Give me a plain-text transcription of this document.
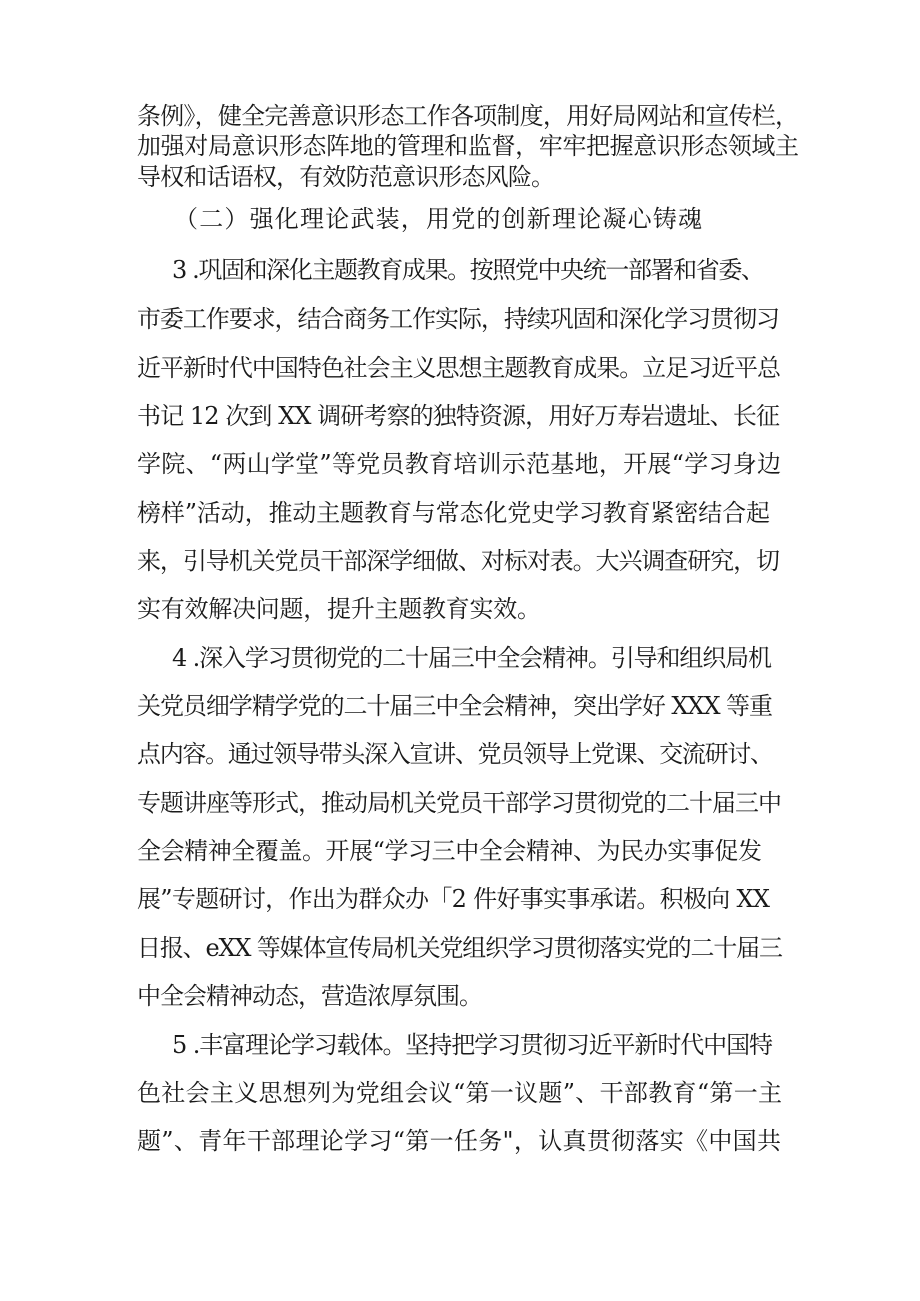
条例》，健全完善意识形态工作各项制度，用好局网站和宣传栏，
加强对局意识形态阵地的管理和监督，牢牢把握意识形态领域主
导权和话语权，有效防范意识形态风险。
（二）强化理论武装，用党的创新理论凝心铸魂
3 .巩固和深化主题教育成果。按照党中央统一部署和省委、
市委工作要求，结合商务工作实际，持续巩固和深化学习贯彻习
近平新时代中国特色社会主义思想主题教育成果。立足习近平总
书记 12 次到 XX 调研考察的独特资源，用好万寿岩遗址、长征
学院、“两山学堂”等党员教育培训示范基地，开展“学习身边
榜样”活动，推动主题教育与常态化党史学习教育紧密结合起
来，引导机关党员干部深学细做、对标对表。大兴调查研究，切
实有效解决问题，提升主题教育实效。
4 .深入学习贯彻党的二十届三中全会精神。引导和组织局机
关党员细学精学党的二十届三中全会精神，突出学好 XXX 等重
点内容。通过领导带头深入宣讲、党员领导上党课、交流研讨、
专题讲座等形式，推动局机关党员干部学习贯彻党的二十届三中
全会精神全覆盖。开展“学习三中全会精神、为民办实事促发
展”专题研讨，作出为群众办「2 件好事实事承诺。积极向 XX
日报、eXX 等媒体宣传局机关党组织学习贯彻落实党的二十届三
中全会精神动态，营造浓厚氛围。
5 .丰富理论学习载体。坚持把学习贯彻习近平新时代中国特
色社会主义思想列为党组会议“第一议题”、干部教育“第一主
题”、青年干部理论学习“第一任务"，认真贯彻落实《中国共
